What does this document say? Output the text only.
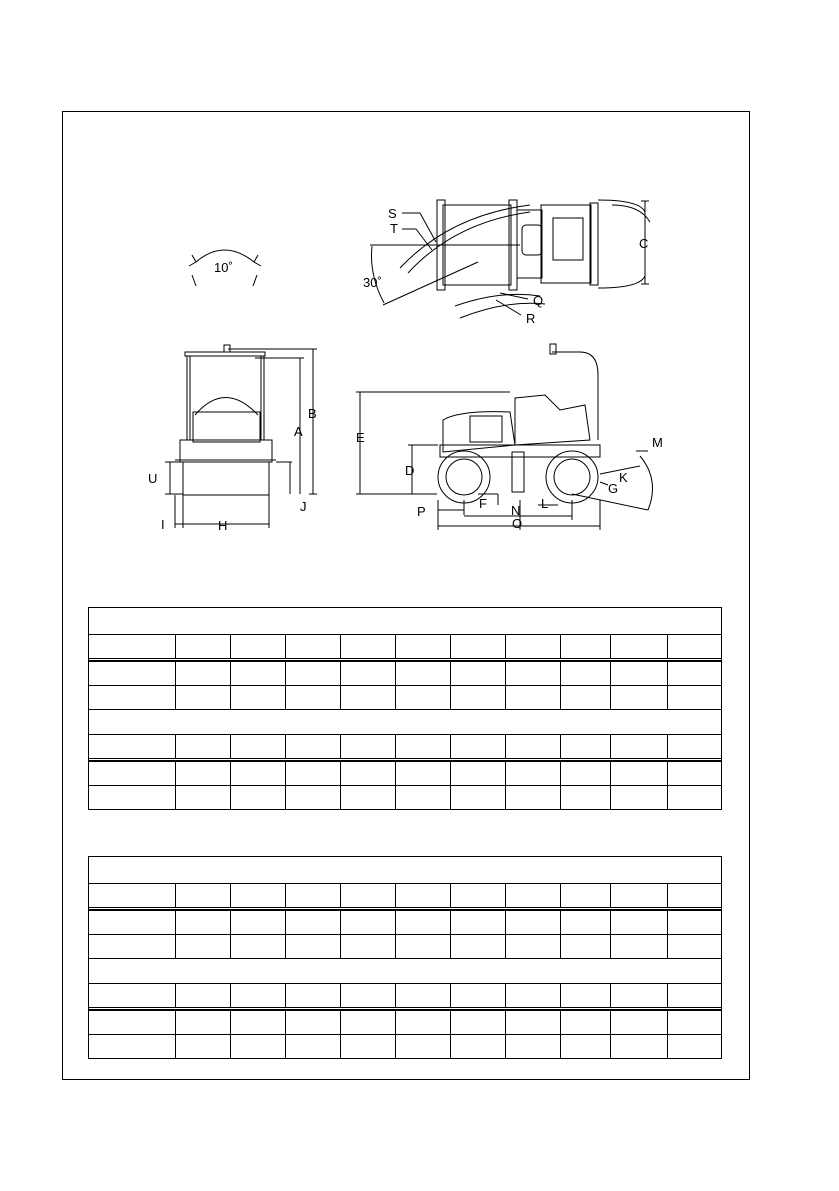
10˚
30˚
S
T
C
Q
R
B
A
U
J
I	H
E
D
M
K
G
F	L
P	N
O
